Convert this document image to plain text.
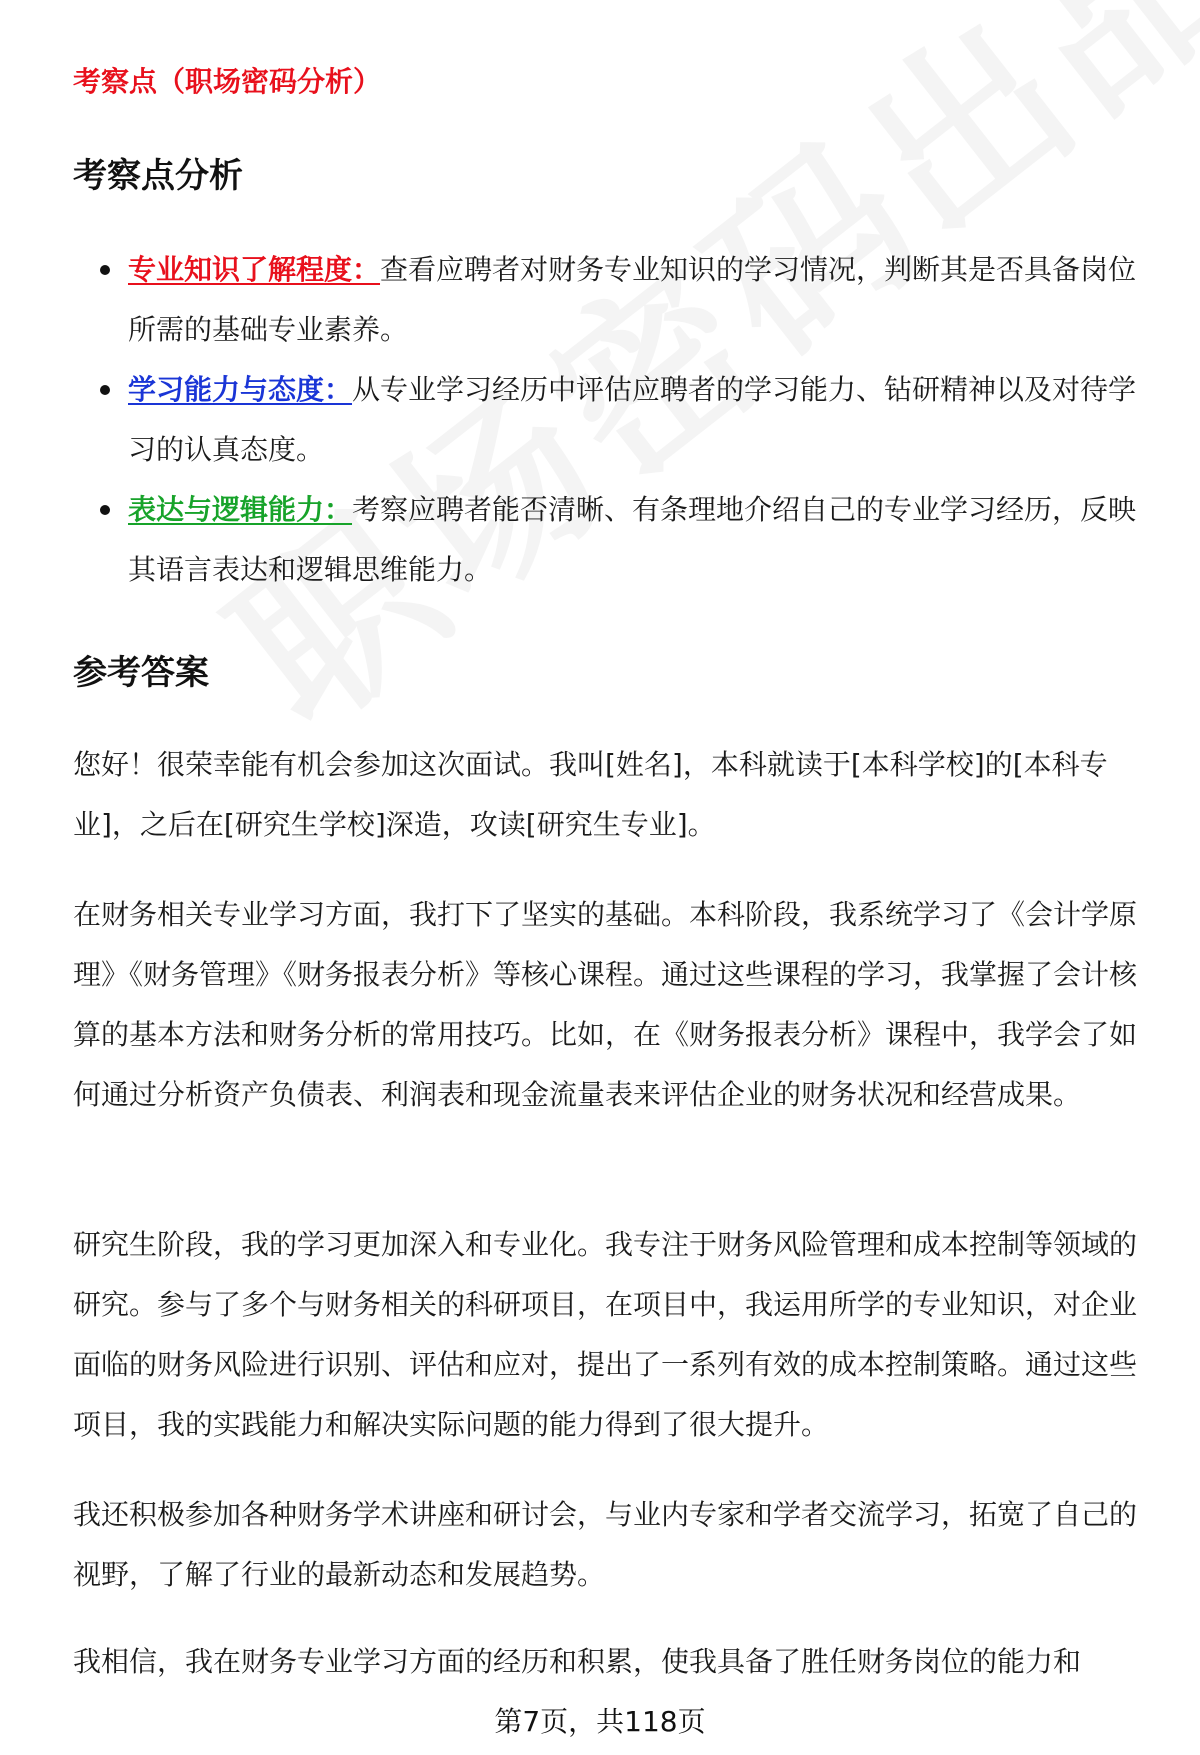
考察点（职场密码分析）
考察点分析
专业知识了解程度：查看应聘者对财务专业知识的学习情况，判断其是否具备岗位所需的基础专业素养。
学习能力与态度：从专业学习经历中评估应聘者的学习能力、钻研精神以及对待学习的认真态度。
表达与逻辑能力：考察应聘者能否清晰、有条理地介绍自己的专业学习经历，反映其语言表达和逻辑思维能力。
参考答案

您好！很荣幸能有机会参加这次面试。我叫[姓名]，本科就读于[本科学校]的[本科专业]，之后在[研究生学校]深造，攻读[研究生专业]。

在财务相关专业学习方面，我打下了坚实的基础。本科阶段，我系统学习了《会计学原理》《财务管理》《财务报表分析》等核心课程。通过这些课程的学习，我掌握了会计核算的基本方法和财务分析的常用技巧。比如，在《财务报表分析》课程中，我学会了如何通过分析资产负债表、利润表和现金流量表来评估企业的财务状况和经营成果。

研究生阶段，我的学习更加深入和专业化。我专注于财务风险管理和成本控制等领域的研究。参与了多个与财务相关的科研项目，在项目中，我运用所学的专业知识，对企业面临的财务风险进行识别、评估和应对，提出了一系列有效的成本控制策略。通过这些项目，我的实践能力和解决实际问题的能力得到了很大提升。

我还积极参加各种财务学术讲座和研讨会，与业内专家和学者交流学习，拓宽了自己的视野，了解了行业的最新动态和发展趋势。

我相信，我在财务专业学习方面的经历和积累，使我具备了胜任财务岗位的能力和

第7页，共118页
